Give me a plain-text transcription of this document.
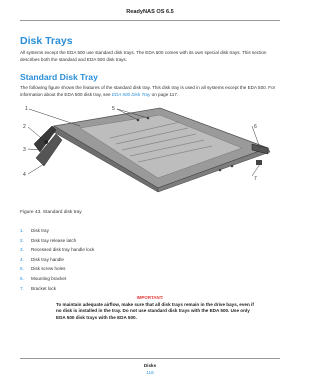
ReadyNAS OS 6.5
Disk Trays
All systems except the EDA 500 use standard disk trays. The EDA 500 comes with its own special disk trays. This section describes both the standard and EDA 500 disk trays.
Standard Disk Tray
The following figure shows the features of the standard disk tray. This disk tray is used in all systems except the EDA 500. For information about the EDA 500 disk tray, see EDA 500 Disk Tray on page 117.
1
2
3
4
5
6
7
Figure 43. Standard disk tray
1.	Disk tray
2.	Disk tray release latch
3.	Recessed disk tray handle lock
4.	Disk tray handle
5.	Disk screw holes
6.	Mounting bracket
7.	Bracket lock
IMPORTANT:
To maintain adequate airflow, make sure that all disk trays remain in the drive bays, even if no disk is installed in the tray. Do not use standard disk trays with the EDA 500. Use only EDA 500 disk trays with the EDA 500.
Disks
116
